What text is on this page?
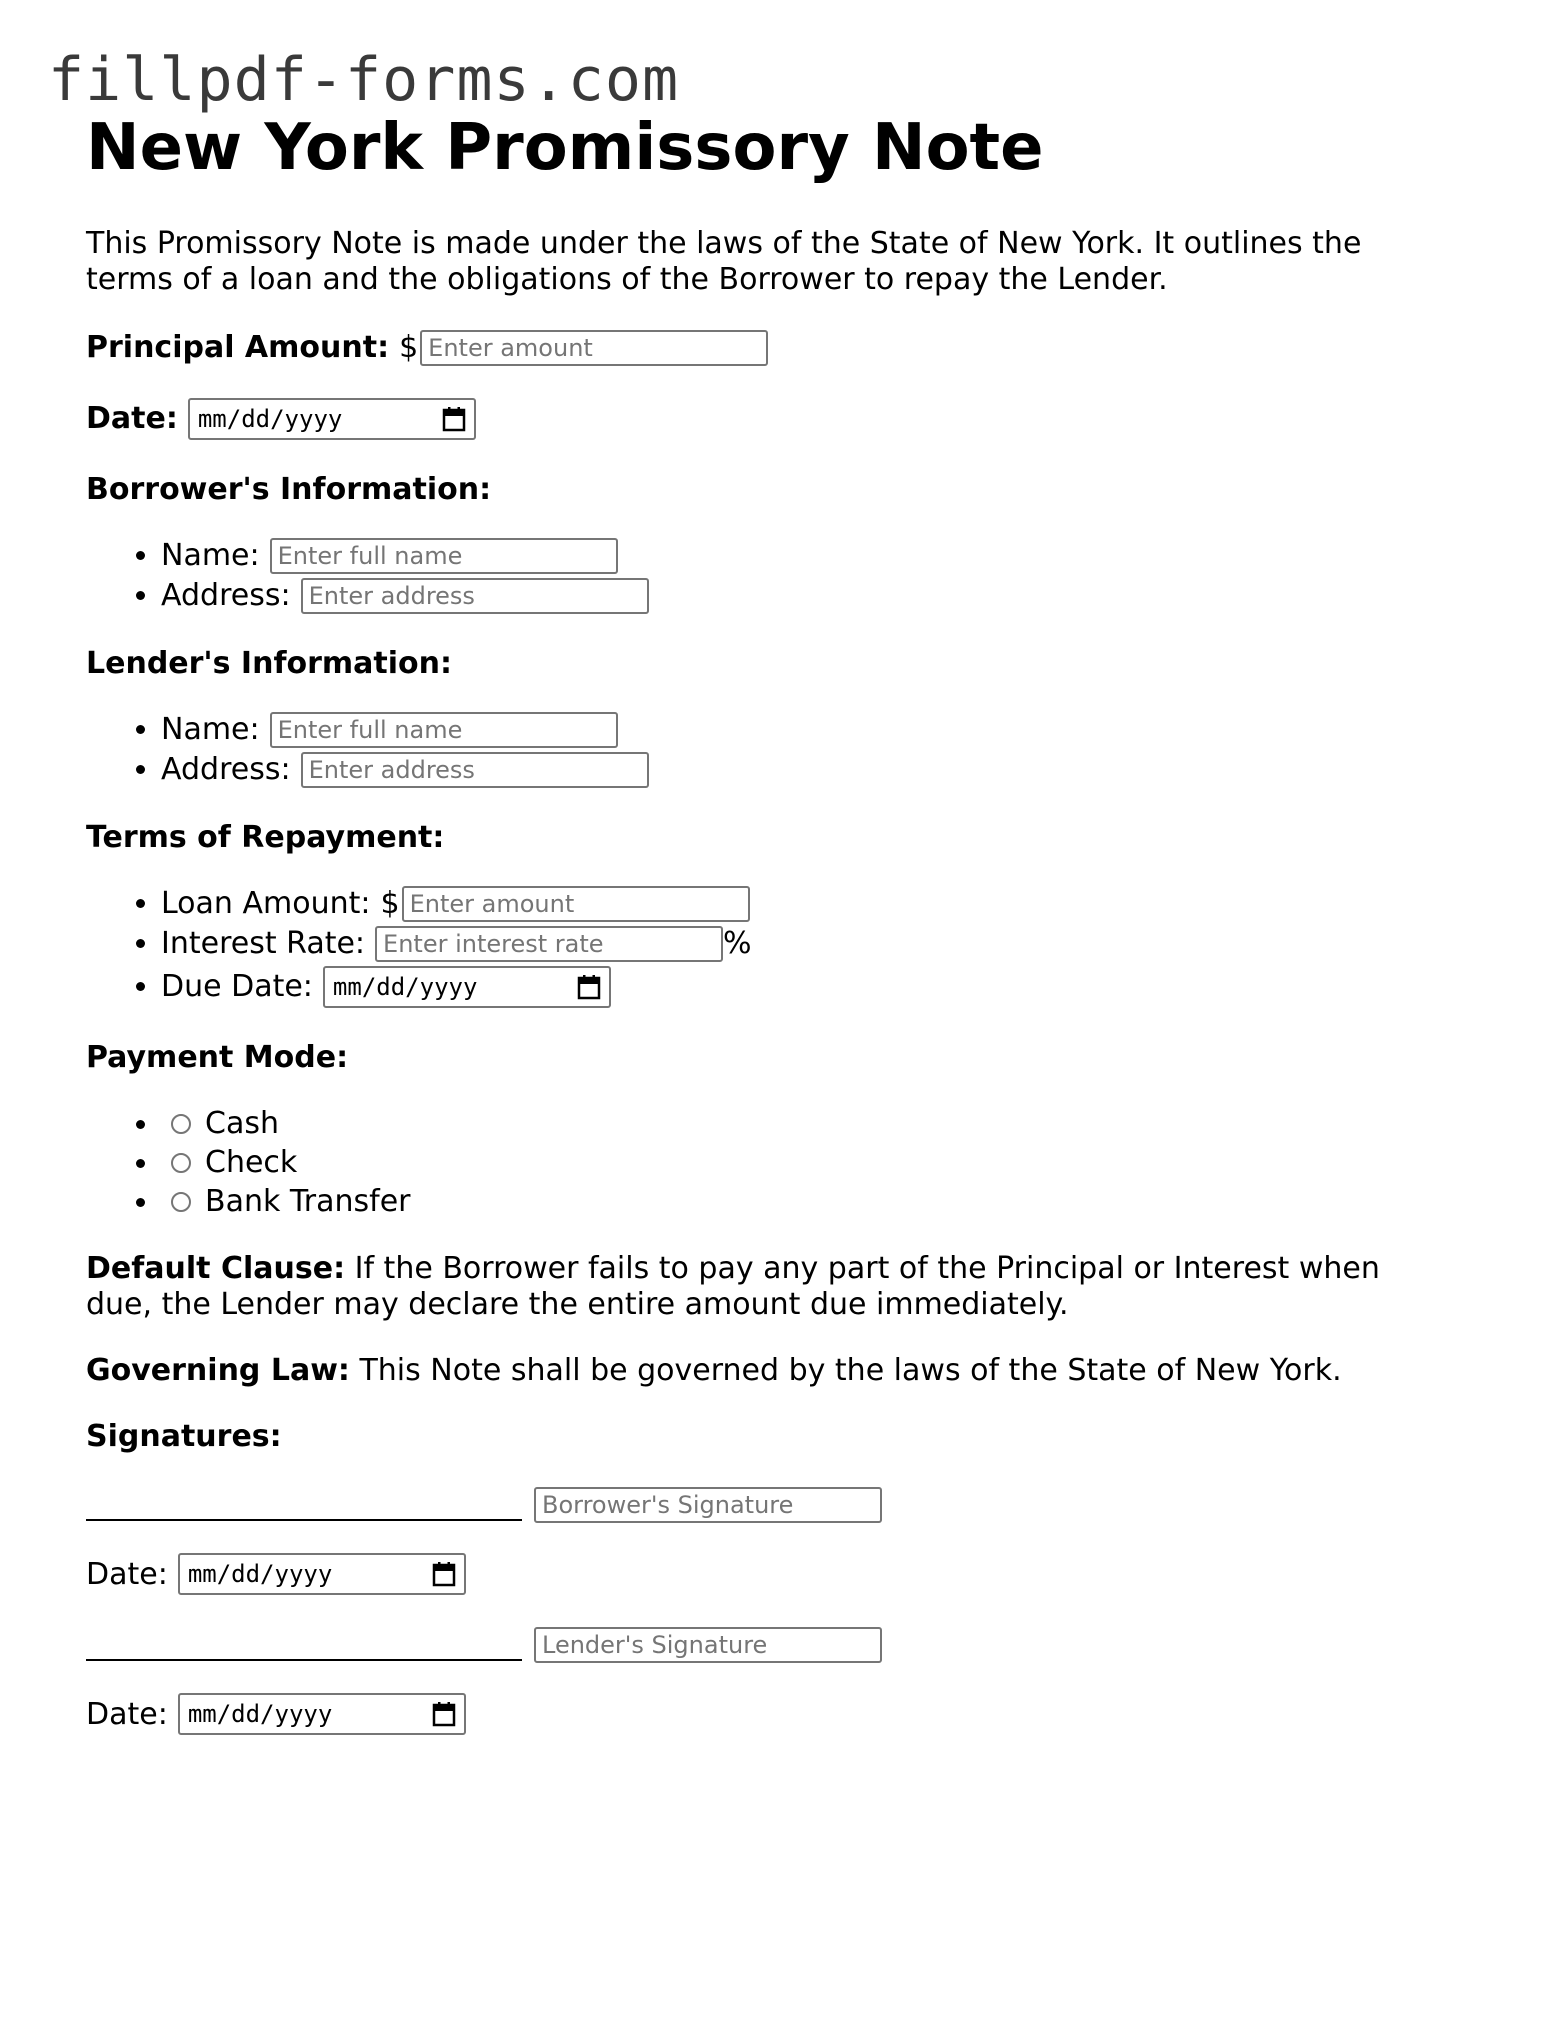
fillpdf-forms.com
New York Promissory Note

This Promissory Note is made under the laws of the State of New York. It outlines the terms of a loan and the obligations of the Borrower to repay the Lender.

Principal Amount: $
Enter amount
Date: mm/dd/yyyy
Borrower's Information:
• Name:
Enter full name
• Address:
Enter address
Lender's Information:
• Name:
Enter full name
• Address:
Enter address
Terms of Repayment:
• Loan Amount: $
Enter amount
• Interest Rate:
Enter interest rate	%
• Due Date: mm/dd/yyyy
Payment Mode:
• Cash
• Check
• Bank Transfer

Default Clause: If the Borrower fails to pay any part of the Principal or Interest when due, the Lender may declare the entire amount due immediately.

Governing Law: This Note shall be governed by the laws of the State of New York.

Signatures:
Borrower's Signature
Date: mm/dd/yyyy
Lender's Signature
Date: mm/dd/yyyy
